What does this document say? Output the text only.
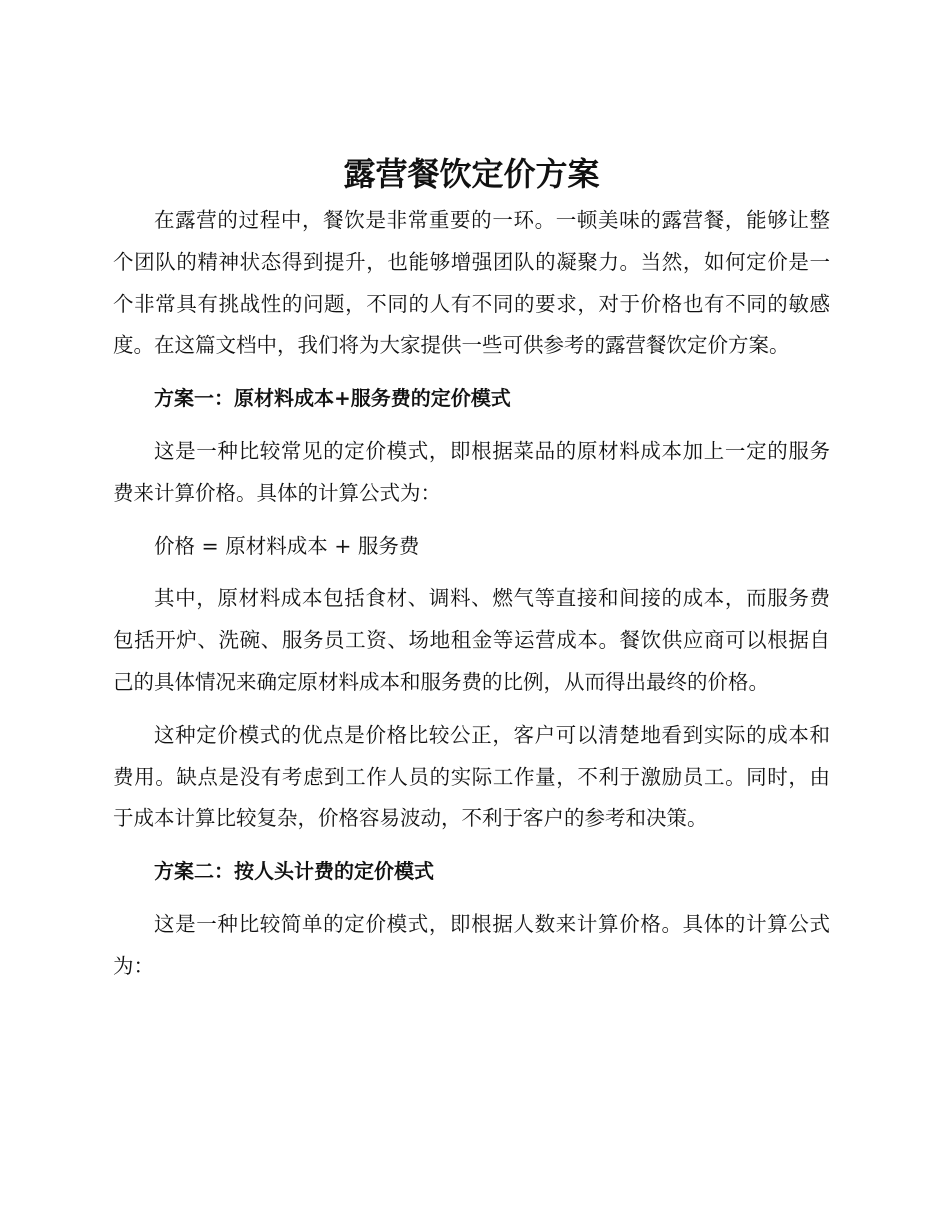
露营餐饮定价方案

在露营的过程中，餐饮是非常重要的一环。一顿美味的露营餐，能够让整个团队的精神状态得到提升，也能够增强团队的凝聚力。当然，如何定价是一个非常具有挑战性的问题，不同的人有不同的要求，对于价格也有不同的敏感度。在这篇文档中，我们将为大家提供一些可供参考的露营餐饮定价方案。

方案一：原材料成本+服务费的定价模式

这是一种比较常见的定价模式，即根据菜品的原材料成本加上一定的服务费来计算价格。具体的计算公式为：

价格 = 原材料成本 + 服务费

其中，原材料成本包括食材、调料、燃气等直接和间接的成本，而服务费包括开炉、洗碗、服务员工资、场地租金等运营成本。餐饮供应商可以根据自己的具体情况来确定原材料成本和服务费的比例，从而得出最终的价格。

这种定价模式的优点是价格比较公正，客户可以清楚地看到实际的成本和费用。缺点是没有考虑到工作人员的实际工作量，不利于激励员工。同时，由于成本计算比较复杂，价格容易波动，不利于客户的参考和决策。

方案二：按人头计费的定价模式

这是一种比较简单的定价模式，即根据人数来计算价格。具体的计算公式为：
